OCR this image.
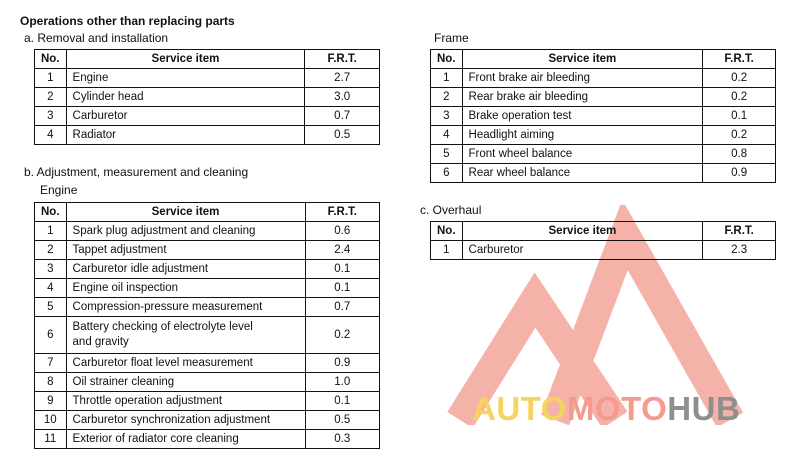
Operations other than replacing parts
a. Removal and installation
No.	Service item	F.R.T.
1	Engine	2.7
2	Cylinder head	3.0
3	Carburetor	0.7
4	Radiator	0.5
b. Adjustment, measurement and cleaning
Engine
No.	Service item	F.R.T.
1	Spark plug adjustment and cleaning	0.6
2	Tappet adjustment	2.4
3	Carburetor idle adjustment	0.1
4	Engine oil inspection	0.1
5	Compression-pressure measurement	0.7
6	Battery checking of electrolyte level
and gravity	0.2
7	Carburetor float level measurement	0.9
8	Oil strainer cleaning	1.0
9	Throttle operation adjustment	0.1
10	Carburetor synchronization adjustment	0.5
11	Exterior of radiator core cleaning	0.3
Frame
No.	Service item	F.R.T.
1	Front brake air bleeding	0.2
2	Rear brake air bleeding	0.2
3	Brake operation test	0.1
4	Headlight aiming	0.2
5	Front wheel balance	0.8
6	Rear wheel balance	0.9
c. Overhaul
No.	Service item	F.R.T.
1	Carburetor	2.3
AUTOMOTOHUB
